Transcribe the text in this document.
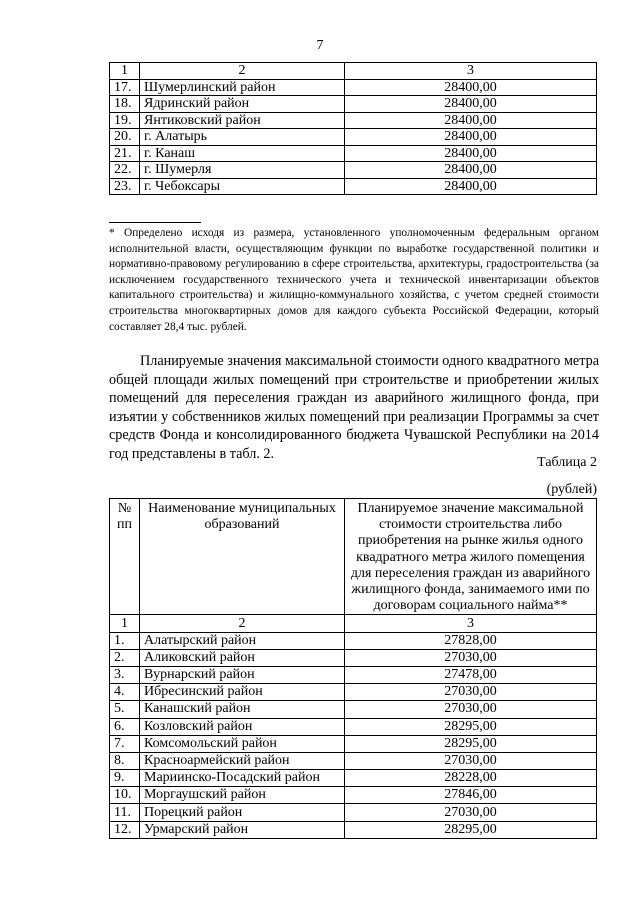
7
1	2	3
17.	Шумерлинский район	28400,00
18.	Ядринский район	28400,00
19.	Янтиковский район	28400,00
20.	г. Алатырь	28400,00
21.	г. Канаш	28400,00
22.	г. Шумерля	28400,00
23.	г. Чебоксары	28400,00
* Определено исходя из размера, установленного уполномоченным федеральным органом исполнительной власти, осуществляющим функции по выработке государственной политики и нормативно-правовому регулированию в сфере строительства, архитектуры, градостроительства (за исключением государственного технического учета и технической инвентаризации объектов капитального строительства) и жилищно-коммунального хозяйства, с учетом средней стоимости строительства многоквартирных домов для каждого субъекта Российской Федерации, который составляет 28,4 тыс. рублей.
Планируемые значения максимальной стоимости одного квадратного метра общей площади жилых помещений при строительстве и приобретении жилых помещений для переселения граждан из аварийного жилищного фонда, при изъятии у собственников жилых помещений при реализации Программы за счет средств Фонда и консолидированного бюджета Чувашской Республики на 2014 год представлены в табл. 2.
Таблица 2
(рублей)
№ пп	Наименование муниципальных образований	Планируемое значение максимальной стоимости строительства либо приобретения на рынке жилья одного квадратного метра жилого помещения для переселения граждан из аварийного жилищного фонда, занимаемого ими по договорам социального найма**
1	2	3
1.	Алатырский район	27828,00
2.	Аликовский район	27030,00
3.	Вурнарский район	27478,00
4.	Ибресинский район	27030,00
5.	Канашский район	27030,00
6.	Козловский район	28295,00
7.	Комсомольский район	28295,00
8.	Красноармейский район	27030,00
9.	Мариинско-Посадский район	28228,00
10.	Моргаушский район	27846,00
11.	Порецкий район	27030,00
12.	Урмарский район	28295,00
